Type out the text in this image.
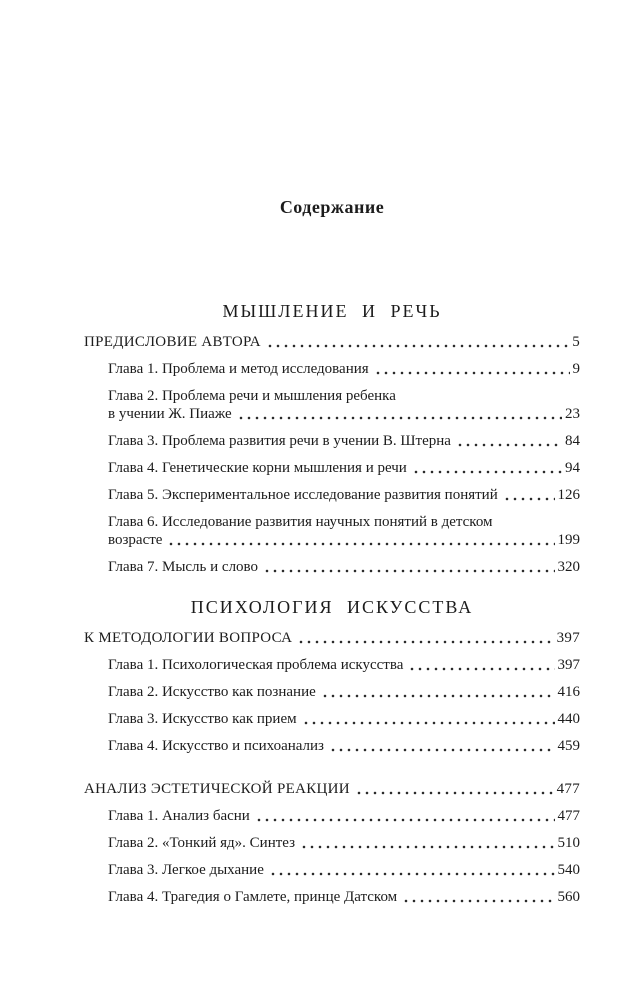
Содержание
МЫШЛЕНИЕ И РЕЧЬ
ПРЕДИСЛОВИЕ АВТОРА	5
Глава 1. Проблема и метод исследования	9
Глава 2. Проблема речи и мышления ребенка
в учении Ж. Пиаже	23
Глава 3. Проблема развития речи в учении В. Штерна	84
Глава 4. Генетические корни мышления и речи	94
Глава 5. Экспериментальное исследование развития понятий	126
Глава 6. Исследование развития научных понятий в детском
возрасте	199
Глава 7. Мысль и слово	320
ПСИХОЛОГИЯ ИСКУССТВА
К МЕТОДОЛОГИИ ВОПРОСА	397
Глава 1. Психологическая проблема искусства	397
Глава 2. Искусство как познание	416
Глава 3. Искусство как прием	440
Глава 4. Искусство и психоанализ	459
АНАЛИЗ ЭСТЕТИЧЕСКОЙ РЕАКЦИИ	477
Глава 1. Анализ басни	477
Глава 2. «Тонкий яд». Синтез	510
Глава 3. Легкое дыхание	540
Глава 4. Трагедия о Гамлете, принце Датском	560
